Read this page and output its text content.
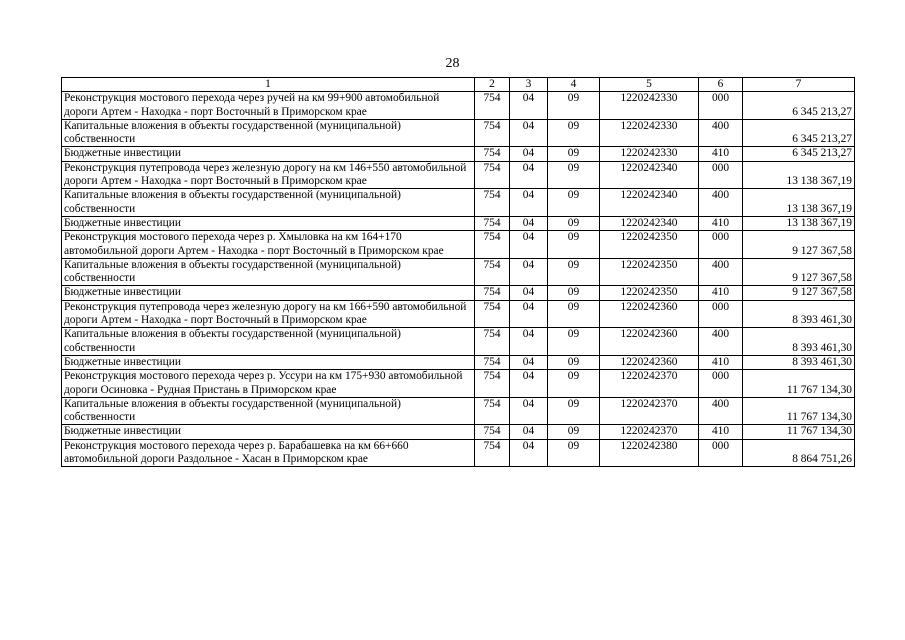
28
1	2	3	4	5	6	7
Реконструкция мостового перехода через ручей на км 99+900 автомобильной дороги Артем - Находка - порт Восточный в Приморском крае	754	04	09	1220242330	000	6 345 213,27
Капитальные вложения в объекты государственной (муниципальной) собственности	754	04	09	1220242330	400	6 345 213,27
Бюджетные инвестиции	754	04	09	1220242330	410	6 345 213,27
Реконструкция путепровода через железную дорогу на км 146+550 автомобильной дороги Артем - Находка - порт Восточный в Приморском крае	754	04	09	1220242340	000	13 138 367,19
Капитальные вложения в объекты государственной (муниципальной) собственности	754	04	09	1220242340	400	13 138 367,19
Бюджетные инвестиции	754	04	09	1220242340	410	13 138 367,19
Реконструкция мостового перехода через р. Хмыловка на км 164+170 автомобильной дороги Артем - Находка - порт Восточный в Приморском крае	754	04	09	1220242350	000	9 127 367,58
Капитальные вложения в объекты государственной (муниципальной) собственности	754	04	09	1220242350	400	9 127 367,58
Бюджетные инвестиции	754	04	09	1220242350	410	9 127 367,58
Реконструкция путепровода через железную дорогу на км 166+590 автомобильной дороги Артем - Находка - порт Восточный в Приморском крае	754	04	09	1220242360	000	8 393 461,30
Капитальные вложения в объекты государственной (муниципальной) собственности	754	04	09	1220242360	400	8 393 461,30
Бюджетные инвестиции	754	04	09	1220242360	410	8 393 461,30
Реконструкция мостового перехода через р. Уссури на км 175+930 автомобильной дороги Осиновка - Рудная Пристань в Приморском крае	754	04	09	1220242370	000	11 767 134,30
Капитальные вложения в объекты государственной (муниципальной) собственности	754	04	09	1220242370	400	11 767 134,30
Бюджетные инвестиции	754	04	09	1220242370	410	11 767 134,30
Реконструкция мостового перехода через р. Барабашевка на км 66+660 автомобильной дороги Раздольное - Хасан в Приморском крае	754	04	09	1220242380	000	8 864 751,26
